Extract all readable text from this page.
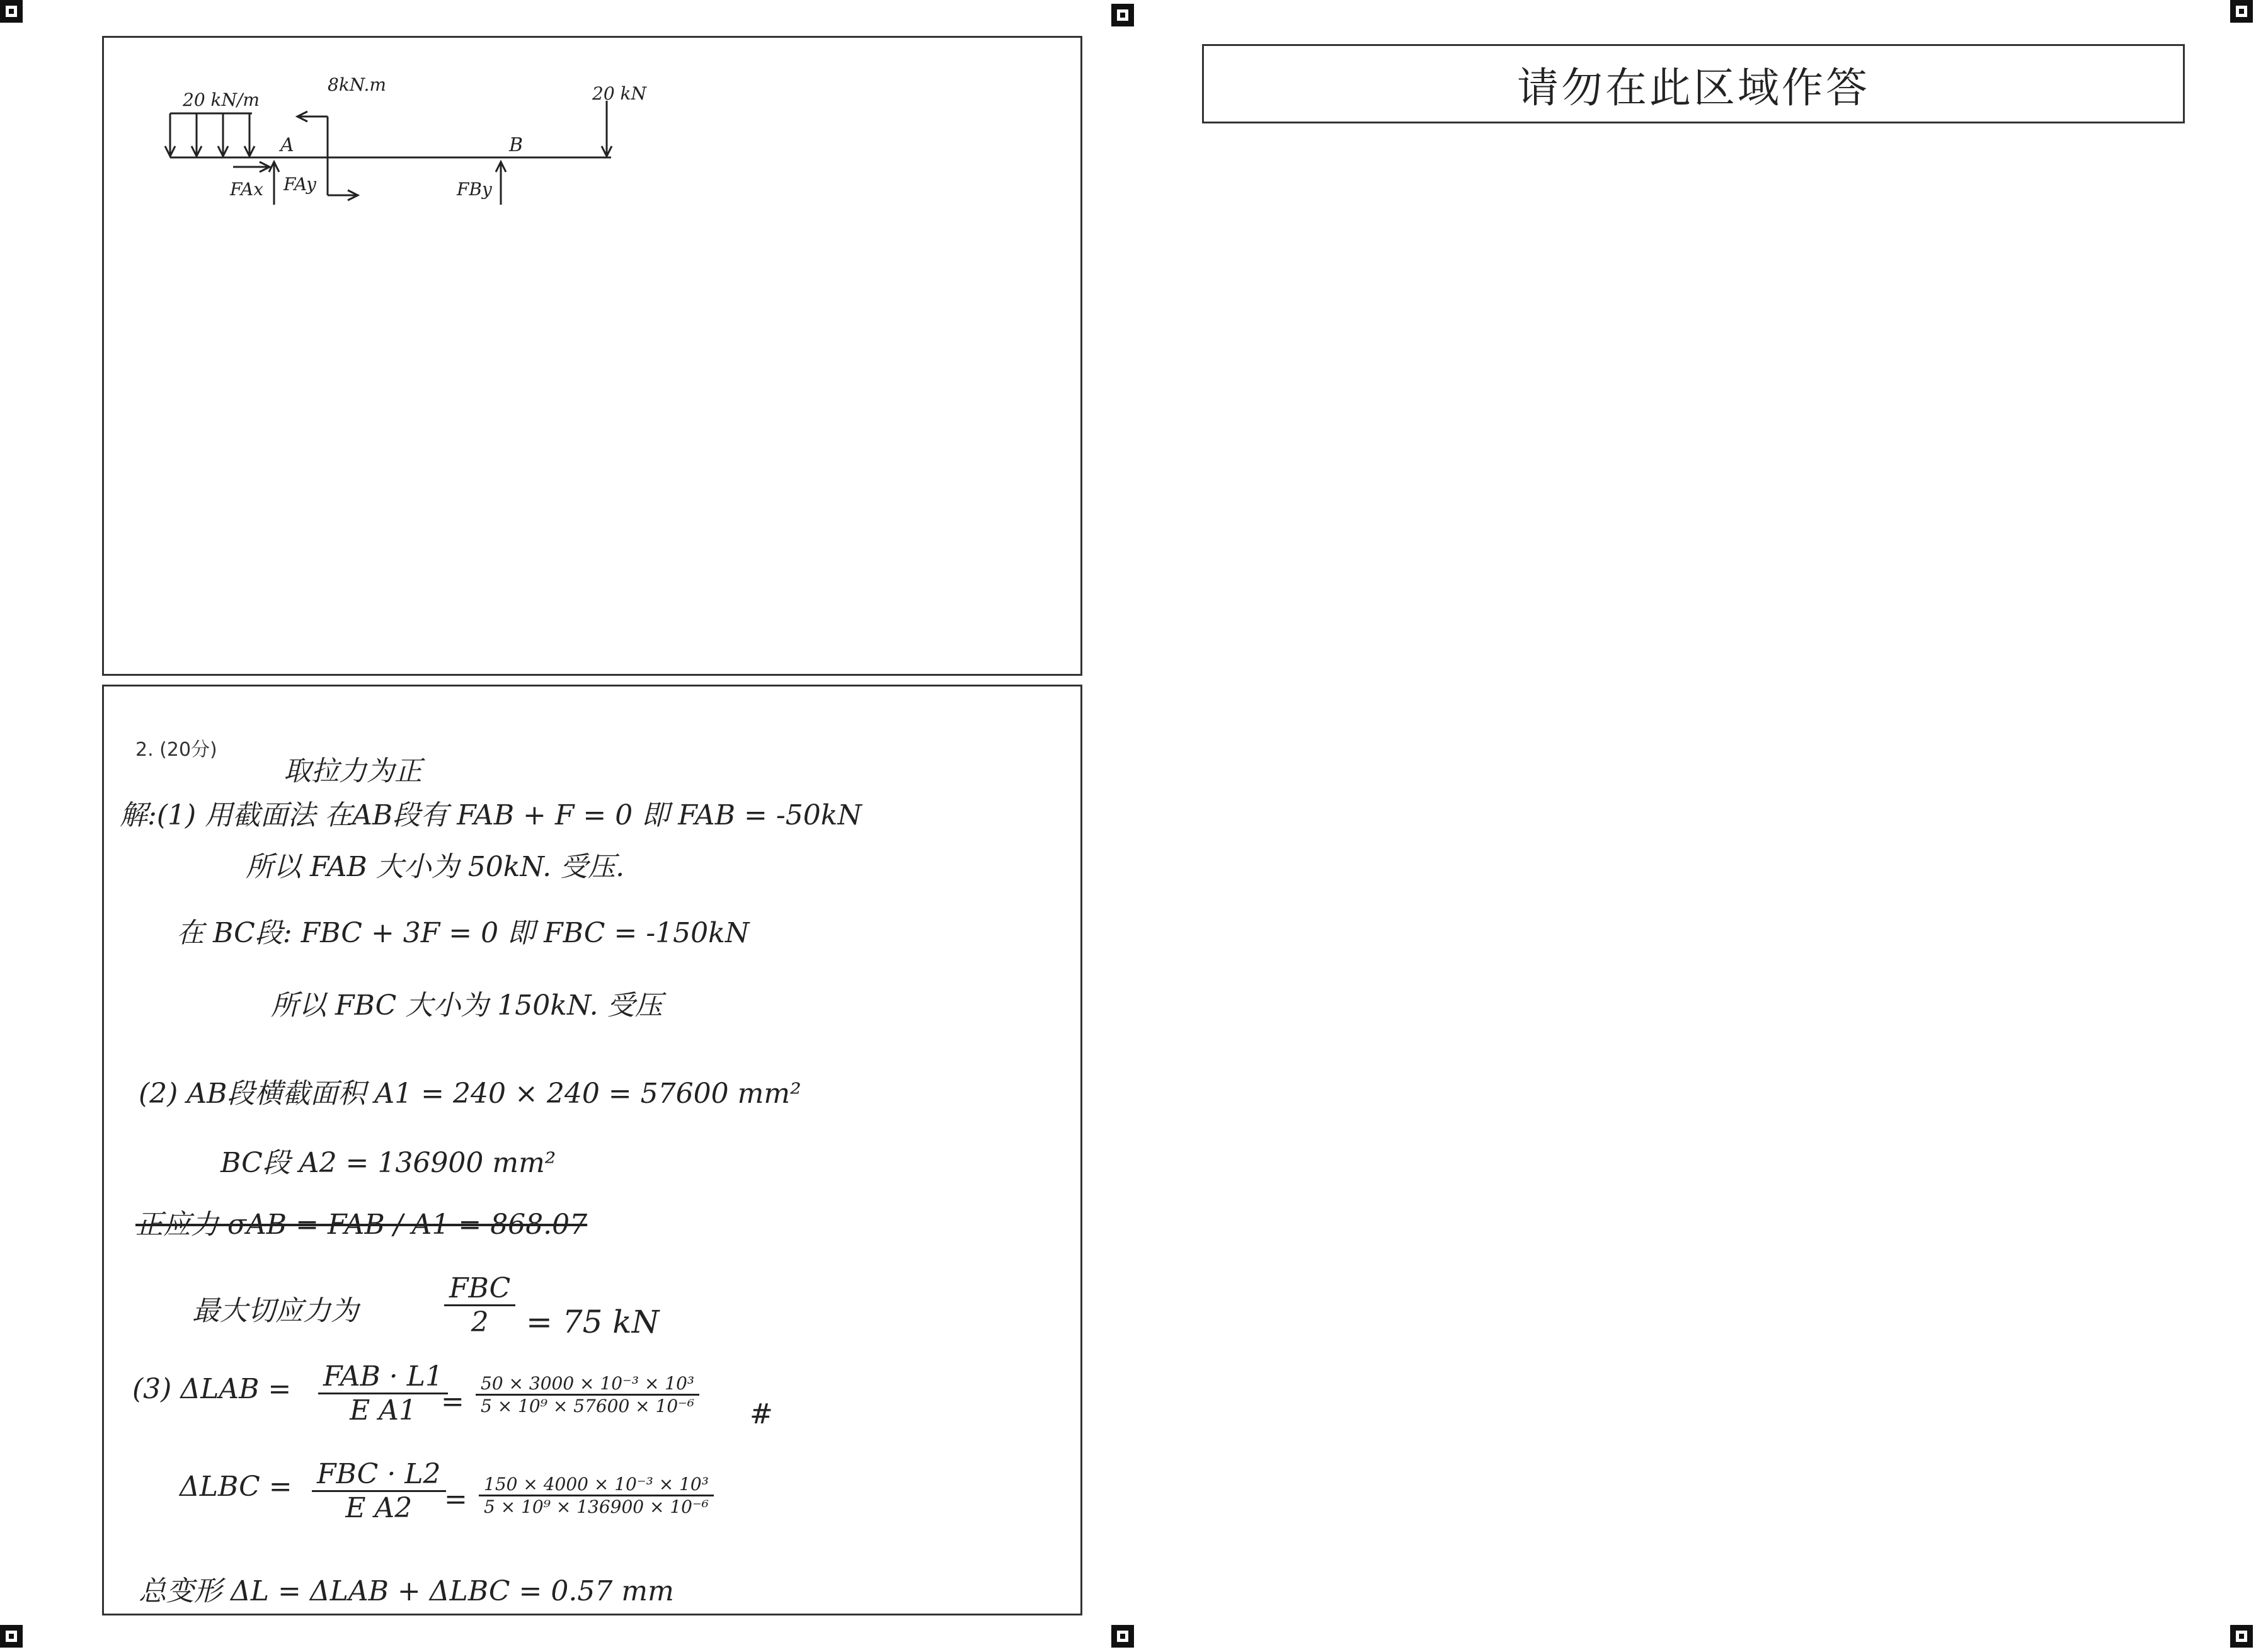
20 kN/m
8kN.m	20 kN
A	B
FAx FAy	FBy
2. (20分)
取拉力为正
解:(1) 用截面法 在AB段有 FAB + F = 0 即 FAB = -50kN
所以 FAB 大小为 50kN. 受压.
在 BC段: FBC + 3F = 0 即 FBC = -150kN
所以 FBC 大小为 150kN. 受压
(2) AB段横截面积 A1 = 240 × 240 = 57600 mm²
BC段 A2 = 136900 mm²
正应力 σAB = FAB / A1 = 868.07
最大切应力为
FBC
2	= 75 kN
(3) ΔLAB = FAB · L1
E $A1 = \frac{\text{50 × 3000 × 10⁻³ × 10³}}{\text{5 × 10⁹ × 57600 × 10⁻⁶}}$ #
ΔLBC = FBC · L2
E A2	= $\frac{\text{150 × 4000 × 10⁻³ × 10³}}{\text{5 × 10⁹ × 136900 × 10⁻⁶}}$
总变形 ΔL = ΔLAB + ΔLBC = 0.57 mm
请勿在此区域作答
